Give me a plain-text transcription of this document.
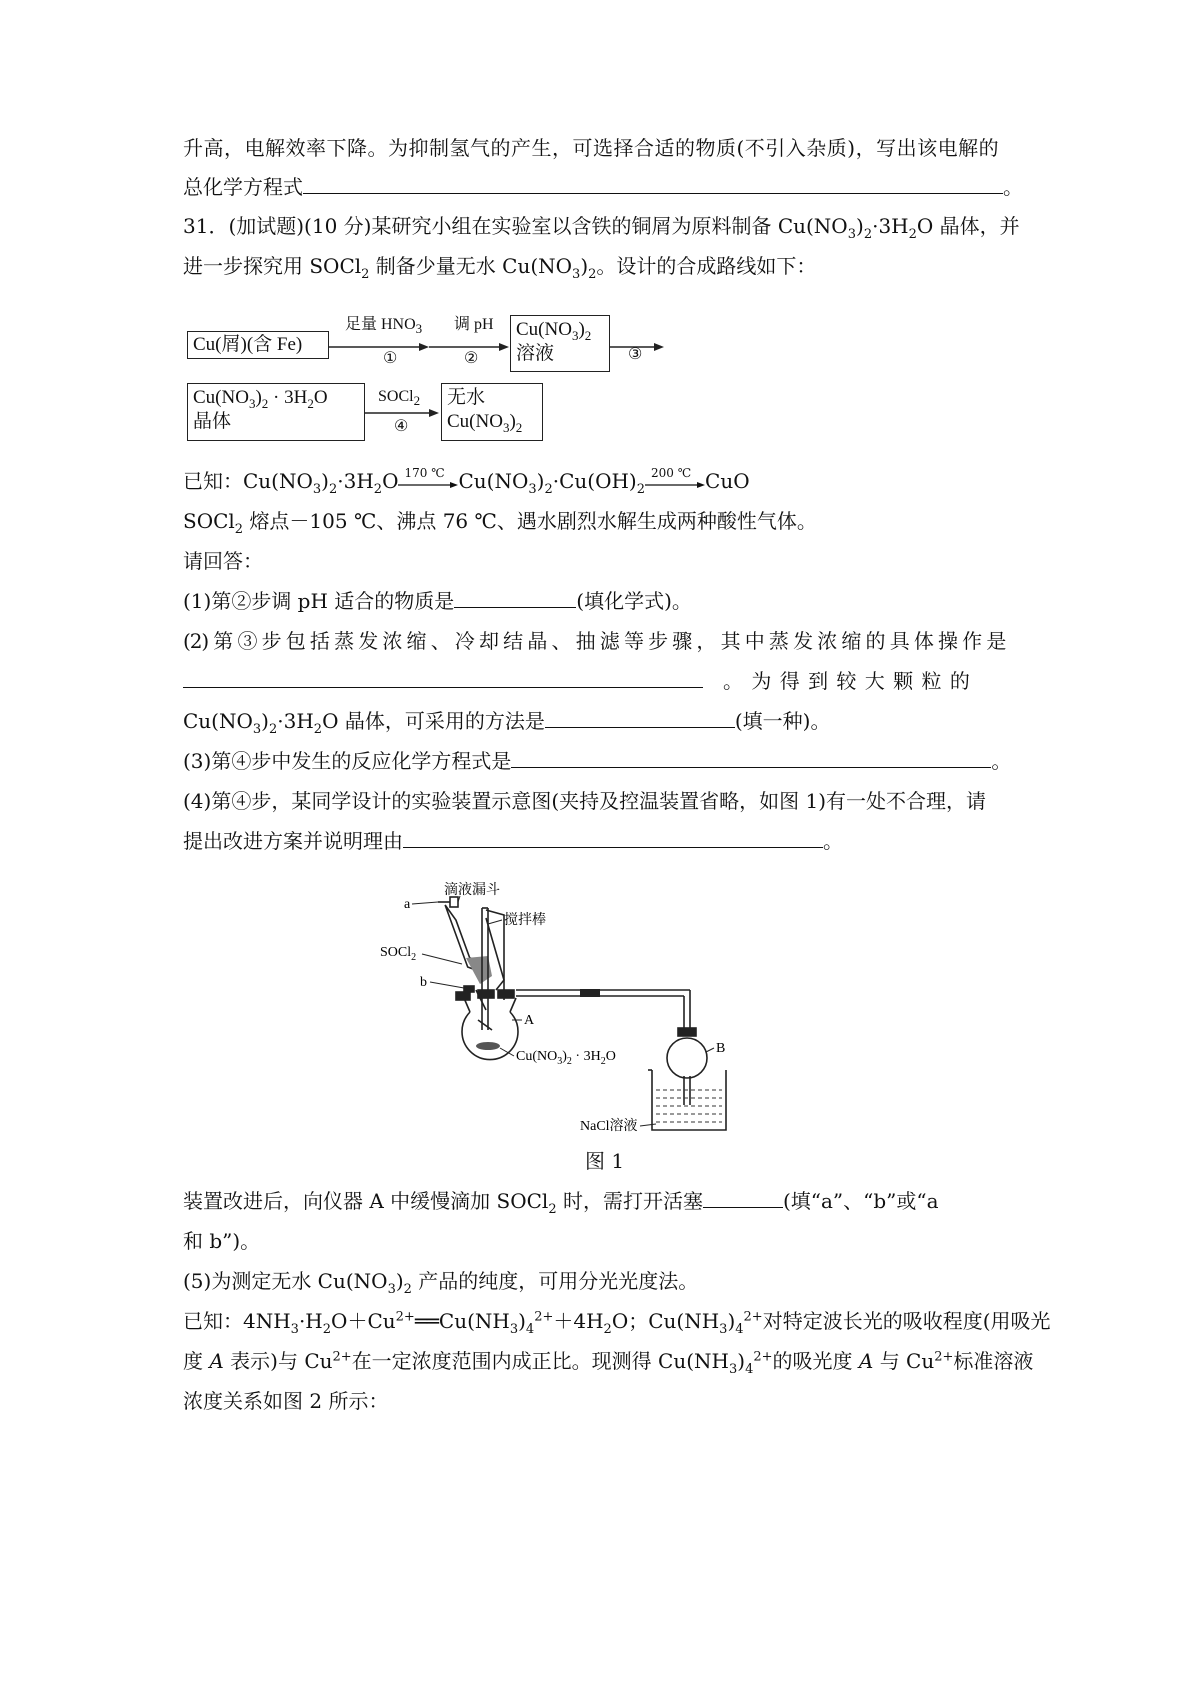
升高，电解效率下降。为抑制氢气的产生，可选择合适的物质(不引入杂质)，写出该电解的
总化学方程式	。
31．(加试题)(10 分)某研究小组在实验室以含铁的铜屑为原料制备 $Cu(NO_3)_2\cdot 3H_2O$ 晶体，并
进一步探究用 SOCl$_2$ 制备少量无水 $Cu(NO_3)_2$。设计的合成路线如下：
Cu(屑)(含 Fe)
足量 $HNO_3$
①
调 pH
②
$Cu(NO_3)_2$
溶液	③
$Cu(NO_3)_2 \cdot 3H_2O$
晶体
SOCl$_2$
④
无水
$Cu(NO_3)_2$
已知：$Cu(NO_3)_2\cdot 3H_2O$ 170 ℃ $Cu(NO_3)_2\cdot Cu(OH)_2$
200 ℃ CuO
SOCl$_2$ 熔点－105 ℃、沸点 76 ℃、遇水剧烈水解生成两种酸性气体。
请回答：
(1)第②步调 pH 适合的物质是	(填化学式)。
(2) 第 ③ 步 包 括 蒸 发 浓 缩 、 冷 却 结 晶 、 抽 滤 等 步 骤 ， 其 中 蒸 发 浓 缩 的 具 体 操 作 是
。 为 得 到 较 大 颗 粒 的
$Cu(NO_3)_2\cdot 3H_2O$ 晶体，可采用的方法是	(填一种)。
(3)第④步中发生的反应化学方程式是	。
(4)第④步，某同学设计的实验装置示意图(夹持及控温装置省略，如图 1)有一处不合理，请
提出改进方案并说明理由	。
滴液漏斗
搅拌棒
a
SOCl$_2$
b
A
$Cu(NO_3)_2 \cdot 3H_2O$
B
NaCl溶液
图 1
装置改进后，向仪器 A 中缓慢滴加 SOCl$_2$ 时，需打开活塞	(填“a”、“b”或“a
和 b”)。
(5)为测定无水 $Cu(NO_3)_2$ 产品的纯度，可用分光光度法。
已知：$4NH_3\cdot H_2O+Cu^{2+}══Cu(NH_3)_4^{2+}+4H_2O$；$Cu(NH_3)_4^{2+}$对特定波长光的吸收程度(用吸光
度 A 表示)与 $Cu^{2+}$在一定浓度范围内成正比。现测得 $Cu(NH_3)_4^{2+}$的吸光度 A 与 $Cu^{2+}$标准溶液
浓度关系如图 2 所示：
